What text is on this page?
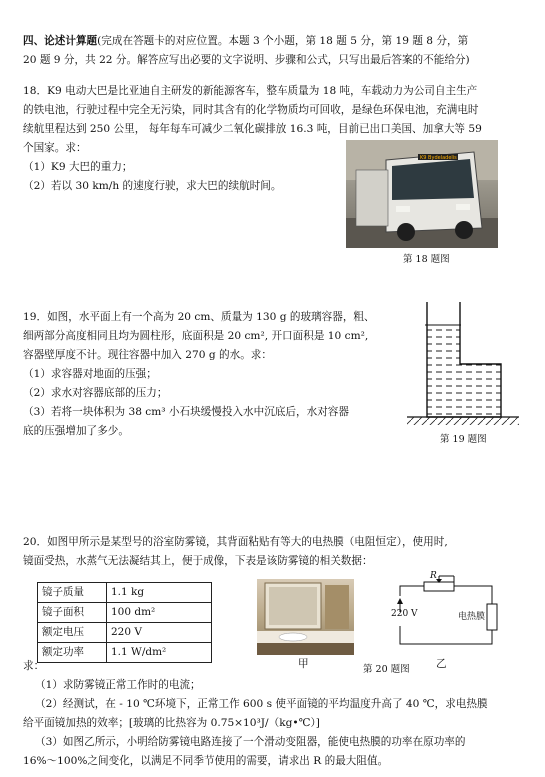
四、论述计算题(完成在答题卡的对应位置。本题 3 个小题，第 18 题 5 分，第 19 题 8 分，第
20 题 9 分，共 22 分。解答应写出必要的文字说明、步骤和公式，只写出最后答案的不能给分)
18．K9 电动大巴是比亚迪自主研发的新能源客车，整车质量为 18 吨，车载动力为公司自主生产
的铁电池，行驶过程中完全无污染，同时其含有的化学物质均可回收，是绿色环保电池，充满电时
续航里程达到 250 公里， 每年每车可减少二氧化碳排放 16.3 吨，目前已出口美国、加拿大等 59
个国家。求：
（1）K9 大巴的重力；
（2）若以 30 km/h 的速度行驶，求大巴的续航时间。
K9 Bydeladelis
第 18 题图
19．如图，水平面上有一个高为 20 cm、质量为 130 g 的玻璃容器，粗、
细两部分高度相同且均为圆柱形，底面积是 20 cm², 开口面积是 10 cm²,
容器壁厚度不计。现往容器中加入 270 g 的水。求：
（1）求容器对地面的压强；
（2）求水对容器底部的压力；
（3）若将一块体积为 38 cm³ 小石块缓慢投入水中沉底后，水对容器
底的压强增加了多少。
第 19 题图
20．如图甲所示是某型号的浴室防雾镜，其背面粘贴有等大的电热膜（电阻恒定），使用时,
镜面受热，水蒸气无法凝结其上，便于成像，下表是该防雾镜的相关数据：
镜子质量	1.1 kg
镜子面积	100 dm²
额定电压	220 V
额定功率	1.1 W/dm²
求：	甲
R
220 V	电热膜
乙
第 20 题图
（1）求防雾镜正常工作时的电流；
（2）经测试，在 - 10 ℃环境下，正常工作 600 s 使平面镜的平均温度升高了 40 ℃，求电热膜
给平面镜加热的效率；[玻璃的比热容为 0.75×10³J/（kg•℃）]
（3）如图乙所示，小明给防雾镜电路连接了一个滑动变阻器，能使电热膜的功率在原功率的
16%～100%之间变化，以满足不同季节使用的需要，请求出 R 的最大阻值。
